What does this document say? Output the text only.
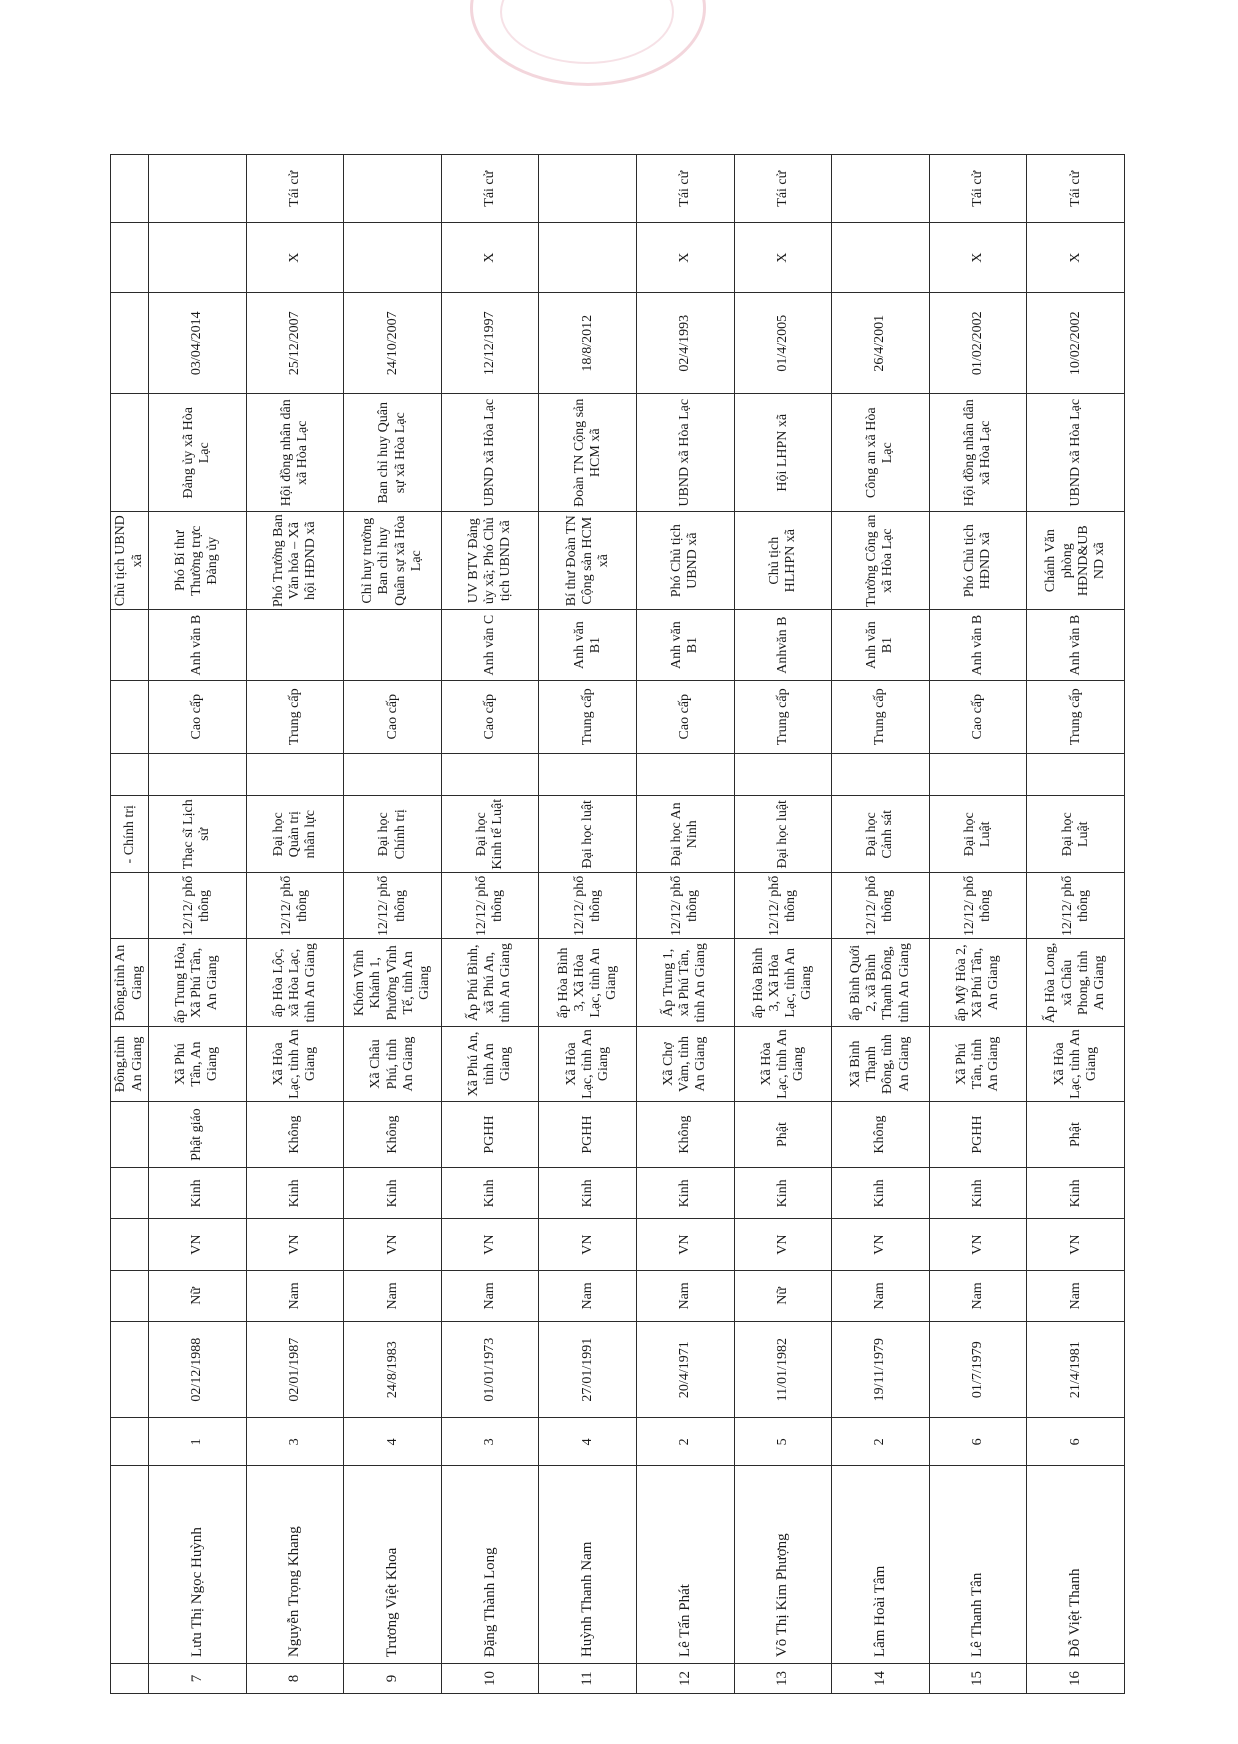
								Đông,tỉnh An Giang	Đông,tỉnh An Giang		- Chính trị				Chủ tịch UBND xã				
7	Lưu Thị Ngọc Huỳnh	1	02/12/1988	Nữ	VN	Kinh	Phật giáo	Xã Phú Tân, An Giang	ấp Trung Hòa, Xã Phú Tân, An Giang	12/12/ phổ thông	Thạc sĩ Lịch sử		Cao cấp	Anh văn B	Phó Bí thư Thường trực Đảng ủy	Đảng ủy xã Hòa Lạc	03/04/2014		
8	Nguyễn Trọng Khang	3	02/01/1987	Nam	VN	Kinh	Không	Xã Hòa Lạc, tỉnh An Giang	ấp Hòa Lộc, xã Hòa Lạc, tỉnh An Giang	12/12/ phổ thông	Đại học Quản trị nhân lực		Trung cấp		Phó Trưởng Ban Văn hóa – Xã hội HĐND xã	Hội đồng nhân dân xã Hòa Lạc	25/12/2007	X	Tái cử
9	Trương Việt Khoa	4	24/8/1983	Nam	VN	Kinh	Không	Xã Châu Phú, tỉnh An Giang	Khóm Vĩnh Khánh 1, Phường Vĩnh Tế, tỉnh An Giang	12/12/ phổ thông	Đại học Chính trị		Cao cấp		Chỉ huy trưởng Ban chỉ huy Quân sự xã Hòa Lạc	Ban chỉ huy Quân sự xã Hòa Lạc	24/10/2007		
10	Đặng Thành Long	3	01/01/1973	Nam	VN	Kinh	PGHH	Xã Phú An, tỉnh An Giang	Ấp Phú Bình, xã Phú An, tỉnh An Giang	12/12/ phổ thông	Đại học Kinh tế Luật		Cao cấp	Anh văn C	UV BTV Đảng ủy xã; Phó Chủ tịch UBND xã	UBND xã Hòa Lạc	12/12/1997	X	Tái cử
11	Huỳnh Thanh Nam	4	27/01/1991	Nam	VN	Kinh	PGHH	Xã Hòa Lạc, tỉnh An Giang	ấp Hòa Bình 3, Xã Hòa Lạc, tỉnh An Giang	12/12/ phổ thông	Đại học luật		Trung cấp	Anh văn B1	Bí thư Đoàn TN Cộng sản HCM xã	Đoàn TN Cộng sản HCM xã	18/8/2012		
12	Lê Tấn Phát	2	20/4/1971	Nam	VN	Kinh	Không	Xã Chợ Vàm, tỉnh An Giang	Ấp Trung 1, xã Phú Tân, tỉnh An Giang	12/12/ phổ thông	Đại học An Ninh		Cao cấp	Anh văn B1	Phó Chủ tịch UBND xã	UBND xã Hòa Lạc	02/4/1993	X	Tái cử
13	Võ Thị Kim Phượng	5	11/01/1982	Nữ	VN	Kinh	Phật	Xã Hòa Lạc, tỉnh An Giang	ấp Hòa Bình 3, Xã Hòa Lạc, tỉnh An Giang	12/12/ phổ thông	Đại học luật		Trung cấp	Anhvăn B	Chủ tịch HLHPN xã	Hội LHPN xã	01/4/2005	X	Tái cử
14	Lâm Hoài Tâm	2	19/11/1979	Nam	VN	Kinh	Không	Xã Bình Thạnh Đông, tỉnh An Giang	ấp Bình Quới 2, xã Bình Thạnh Đông, tỉnh An Giang	12/12/ phổ thông	Đại học Cảnh sát		Trung cấp	Anh văn B1	Trưởng Công an xã Hòa Lạc	Công an xã Hòa Lạc	26/4/2001		
15	Lê Thanh Tân	6	01/7/1979	Nam	VN	Kinh	PGHH	Xã Phú Tân, tỉnh An Giang	ấp Mỹ Hòa 2, Xã Phú Tân, An Giang	12/12/ phổ thông	Đại học Luật		Cao cấp	Anh văn B	Phó Chủ tịch HĐND xã	Hội đồng nhân dân xã Hòa Lạc	01/02/2002	X	Tái cử
16	Đỗ Việt Thanh	6	21/4/1981	Nam	VN	Kinh	Phật	Xã Hòa Lạc, tỉnh An Giang	Ấp Hòa Long, xã Châu Phong, tỉnh An Giang	12/12/ phổ thông	Đại học Luật		Trung cấp	Anh văn B	Chánh Văn phòng HĐND&UB ND xã	UBND xã Hòa Lạc	10/02/2002	X	Tái cử
